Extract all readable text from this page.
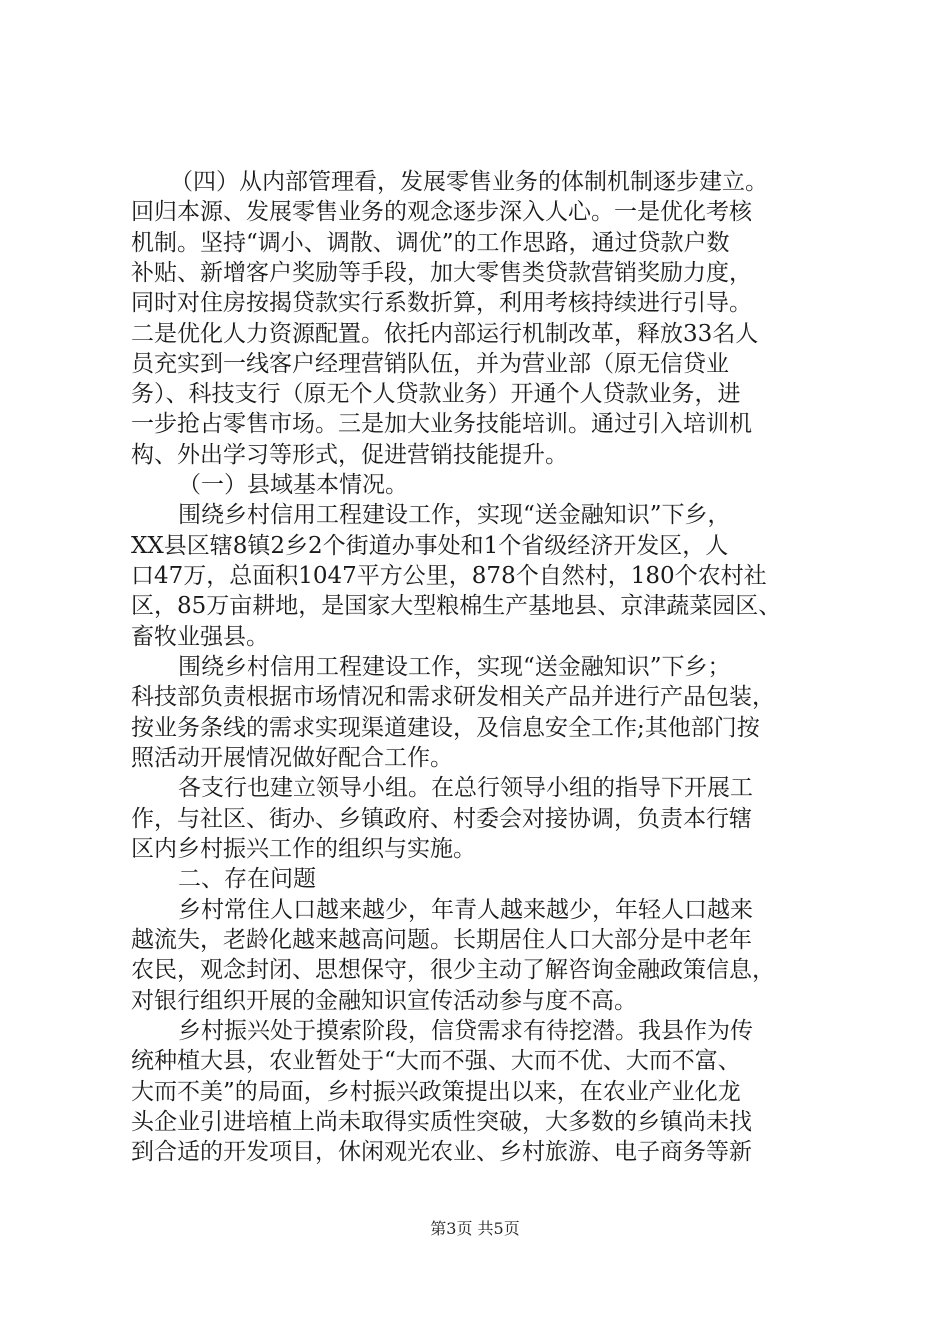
（四）从内部管理看，发展零售业务的体制机制逐步建立。
回归本源、发展零售业务的观念逐步深入人心。一是优化考核
机制。坚持“调小、调散、调优”的工作思路，通过贷款户数
补贴、新增客户奖励等手段，加大零售类贷款营销奖励力度，
同时对住房按揭贷款实行系数折算，利用考核持续进行引导。
二是优化人力资源配置。依托内部运行机制改革，释放33名人
员充实到一线客户经理营销队伍，并为营业部（原无信贷业
务）、科技支行（原无个人贷款业务）开通个人贷款业务，进
一步抢占零售市场。三是加大业务技能培训。通过引入培训机
构、外出学习等形式，促进营销技能提升。
（一）县域基本情况。
围绕乡村信用工程建设工作，实现“送金融知识”下乡，
XX县区辖8镇2乡2个街道办事处和1个省级经济开发区，人
口47万，总面积1047平方公里，878个自然村，180个农村社
区，85万亩耕地，是国家大型粮棉生产基地县、京津蔬菜园区、
畜牧业强县。
围绕乡村信用工程建设工作，实现“送金融知识”下乡；
科技部负责根据市场情况和需求研发相关产品并进行产品包装，
按业务条线的需求实现渠道建设，及信息安全工作;其他部门按
照活动开展情况做好配合工作。
各支行也建立领导小组。在总行领导小组的指导下开展工
作，与社区、街办、乡镇政府、村委会对接协调，负责本行辖
区内乡村振兴工作的组织与实施。
二、存在问题
乡村常住人口越来越少，年青人越来越少，年轻人口越来
越流失，老龄化越来越高问题。长期居住人口大部分是中老年
农民，观念封闭、思想保守，很少主动了解咨询金融政策信息，
对银行组织开展的金融知识宣传活动参与度不高。
乡村振兴处于摸索阶段，信贷需求有待挖潜。我县作为传
统种植大县，农业暂处于“大而不强、大而不优、大而不富、
大而不美”的局面，乡村振兴政策提出以来，在农业产业化龙
头企业引进培植上尚未取得实质性突破，大多数的乡镇尚未找
到合适的开发项目，休闲观光农业、乡村旅游、电子商务等新
第3页 共5页
